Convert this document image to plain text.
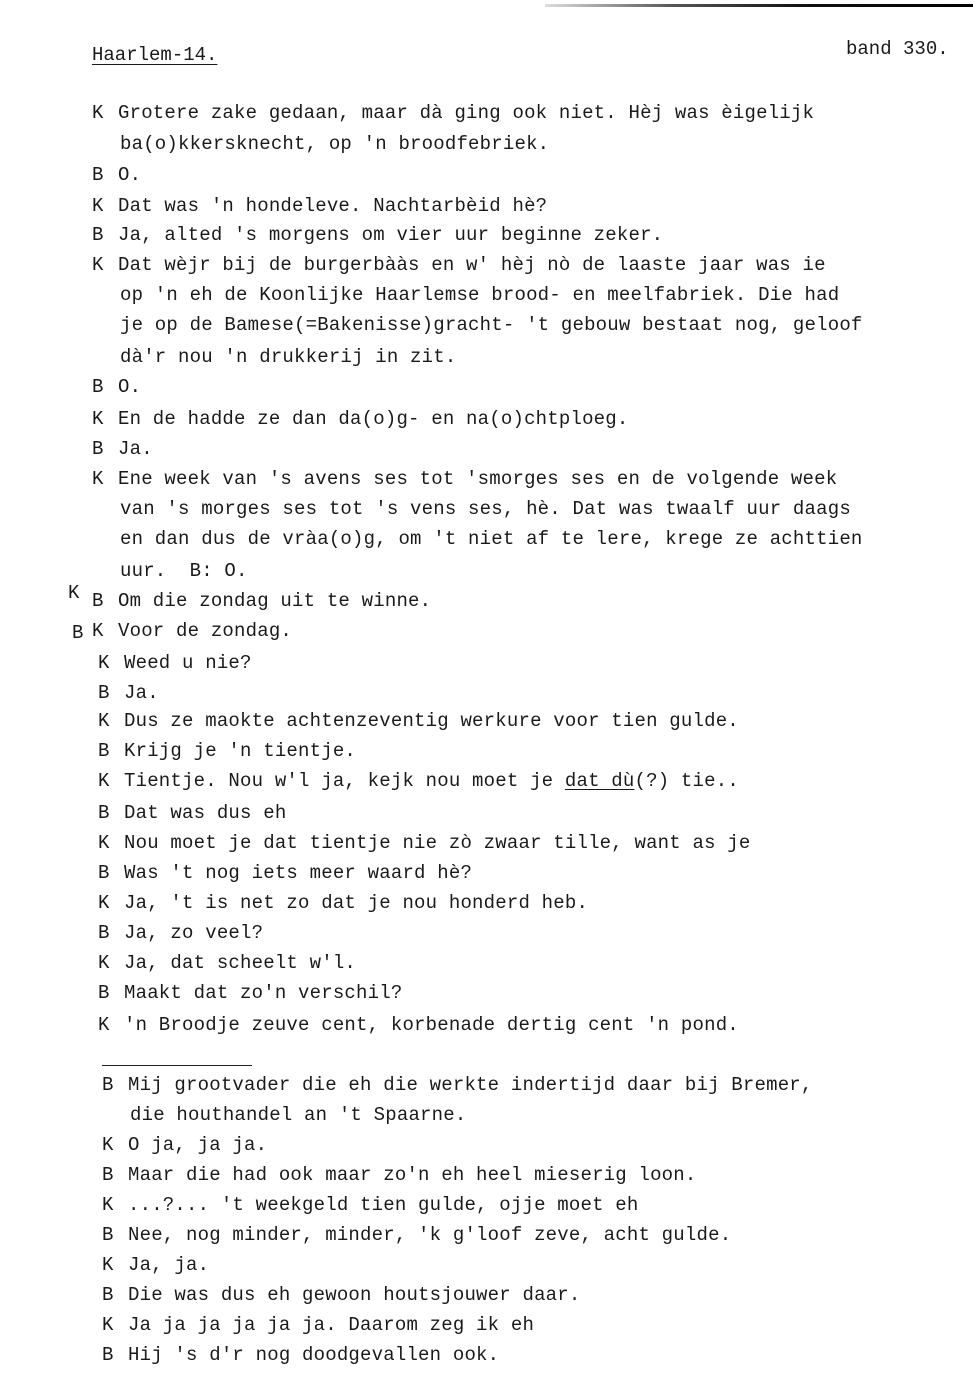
Haarlem-14.	band 330.
K
B
K Grotere zake gedaan, maar dà ging ook niet. Hèj was èigelijk
ba(o)kkersknecht, op 'n broodfebriek.
B O.
K Dat was 'n hondeleve. Nachtarbèid hè?
B Ja, alted 's morgens om vier uur beginne zeker.
K Dat wèjr bij de burgerbààs en w' hèj nò de laaste jaar was ie
op 'n eh de Koonlijke Haarlemse brood- en meelfabriek. Die had
je op de Bamese(=Bakenisse)gracht- 't gebouw bestaat nog, geloof
dà'r nou 'n drukkerij in zit.
B O.
K En de hadde ze dan da(o)g- en na(o)chtploeg.
B Ja.
K Ene week van 's avens ses tot 'smorges ses en de volgende week
van 's morges ses tot 's vens ses, hè. Dat was twaalf uur daags
en dan dus de vràa(o)g, om 't niet af te lere, krege ze achttien
uur.  B: O.
B Om die zondag uit te winne.
K Voor de zondag.
K Weed u nie?
B Ja.
K Dus ze maokte achtenzeventig werkure voor tien gulde.
B Krijg je 'n tientje.
K Tientje. Nou w'l ja, kejk nou moet je dat dù(?) tie..
B Dat was dus eh
K Nou moet je dat tientje nie zò zwaar tille, want as je
B Was 't nog iets meer waard hè?
K Ja, 't is net zo dat je nou honderd heb.
B Ja, zo veel?
K Ja, dat scheelt w'l.
B Maakt dat zo'n verschil?
K 'n Broodje zeuve cent, korbenade dertig cent 'n pond.
B Mij grootvader die eh die werkte indertijd daar bij Bremer,
die houthandel an 't Spaarne.
K O ja, ja ja.
B Maar die had ook maar zo'n eh heel mieserig loon.
K ...?... 't weekgeld tien gulde, ojje moet eh
B Nee, nog minder, minder, 'k g'loof zeve, acht gulde.
K Ja, ja.
B Die was dus eh gewoon houtsjouwer daar.
K Ja ja ja ja ja ja. Daarom zeg ik eh
B Hij 's d'r nog doodgevallen ook.
